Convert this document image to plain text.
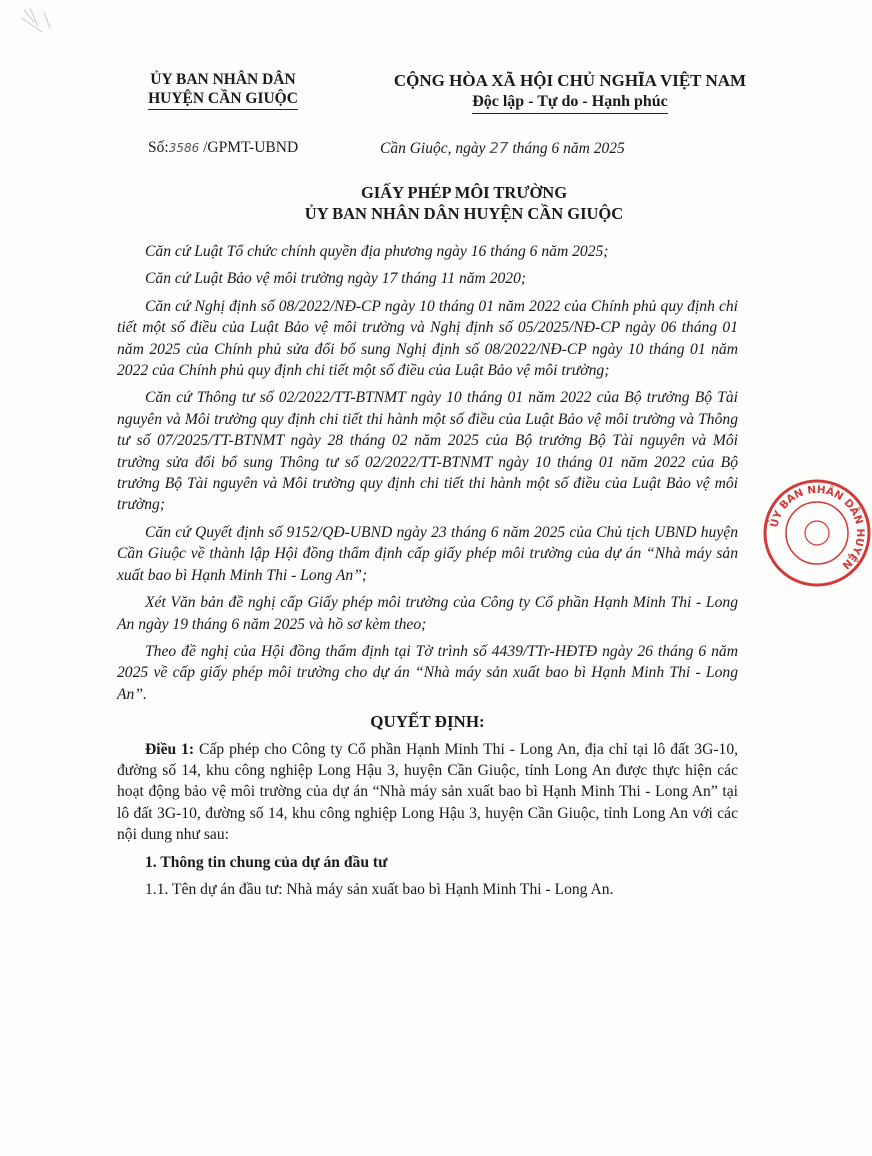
ỦY BAN NHÂN DÂN
HUYỆN CẦN GIUỘC
CỘNG HÒA XÃ HỘI CHỦ NGHĨA VIỆT NAM
Độc lập - Tự do - Hạnh phúc
Số:3586 /GPMT-UBND	Cần Giuộc, ngày 27 tháng 6 năm 2025
GIẤY PHÉP MÔI TRƯỜNG
ỦY BAN NHÂN DÂN HUYỆN CẦN GIUỘC

Căn cứ Luật Tổ chức chính quyền địa phương ngày 16 tháng 6 năm 2025;

Căn cứ Luật Bảo vệ môi trường ngày 17 tháng 11 năm 2020;

Căn cứ Nghị định số 08/2022/NĐ-CP ngày 10 tháng 01 năm 2022 của Chính phủ quy định chi tiết một số điều của Luật Bảo vệ môi trường và Nghị định số 05/2025/NĐ-CP ngày 06 tháng 01 năm 2025 của Chính phủ sửa đổi bổ sung Nghị định số 08/2022/NĐ-CP ngày 10 tháng 01 năm 2022 của Chính phủ quy định chi tiết một số điều của Luật Bảo vệ môi trường;

Căn cứ Thông tư số 02/2022/TT-BTNMT ngày 10 tháng 01 năm 2022 của Bộ trưởng Bộ Tài nguyên và Môi trường quy định chi tiết thi hành một số điều của Luật Bảo vệ môi trường và Thông tư số 07/2025/TT-BTNMT ngày 28 tháng 02 năm 2025 của Bộ trưởng Bộ Tài nguyên và Môi trường sửa đổi bổ sung Thông tư số 02/2022/TT-BTNMT ngày 10 tháng 01 năm 2022 của Bộ trưởng Bộ Tài nguyên và Môi trường quy định chi tiết thi hành một số điều của Luật Bảo vệ môi trường;

Căn cứ Quyết định số 9152/QĐ-UBND ngày 23 tháng 6 năm 2025 của Chủ tịch UBND huyện Cần Giuộc về thành lập Hội đồng thẩm định cấp giấy phép môi trường của dự án “Nhà máy sản xuất bao bì Hạnh Minh Thi - Long An”;

Xét Văn bản đề nghị cấp Giấy phép môi trường của Công ty Cổ phần Hạnh Minh Thi - Long An ngày 19 tháng 6 năm 2025 và hồ sơ kèm theo;

Theo đề nghị của Hội đồng thẩm định tại Tờ trình số 4439/TTr-HĐTĐ ngày 26 tháng 6 năm 2025 về cấp giấy phép môi trường cho dự án “Nhà máy sản xuất bao bì Hạnh Minh Thi - Long An”.

QUYẾT ĐỊNH:

Điều 1: Cấp phép cho Công ty Cổ phần Hạnh Minh Thi - Long An, địa chỉ tại lô đất 3G-10, đường số 14, khu công nghiệp Long Hậu 3, huyện Cần Giuộc, tỉnh Long An được thực hiện các hoạt động bảo vệ môi trường của dự án “Nhà máy sản xuất bao bì Hạnh Minh Thi - Long An” tại lô đất 3G-10, đường số 14, khu công nghiệp Long Hậu 3, huyện Cần Giuộc, tỉnh Long An với các nội dung như sau:

1. Thông tin chung của dự án đầu tư

1.1. Tên dự án đầu tư: Nhà máy sản xuất bao bì Hạnh Minh Thi - Long An.

ỦY BAN NHÂN DÂN HUYỆN
